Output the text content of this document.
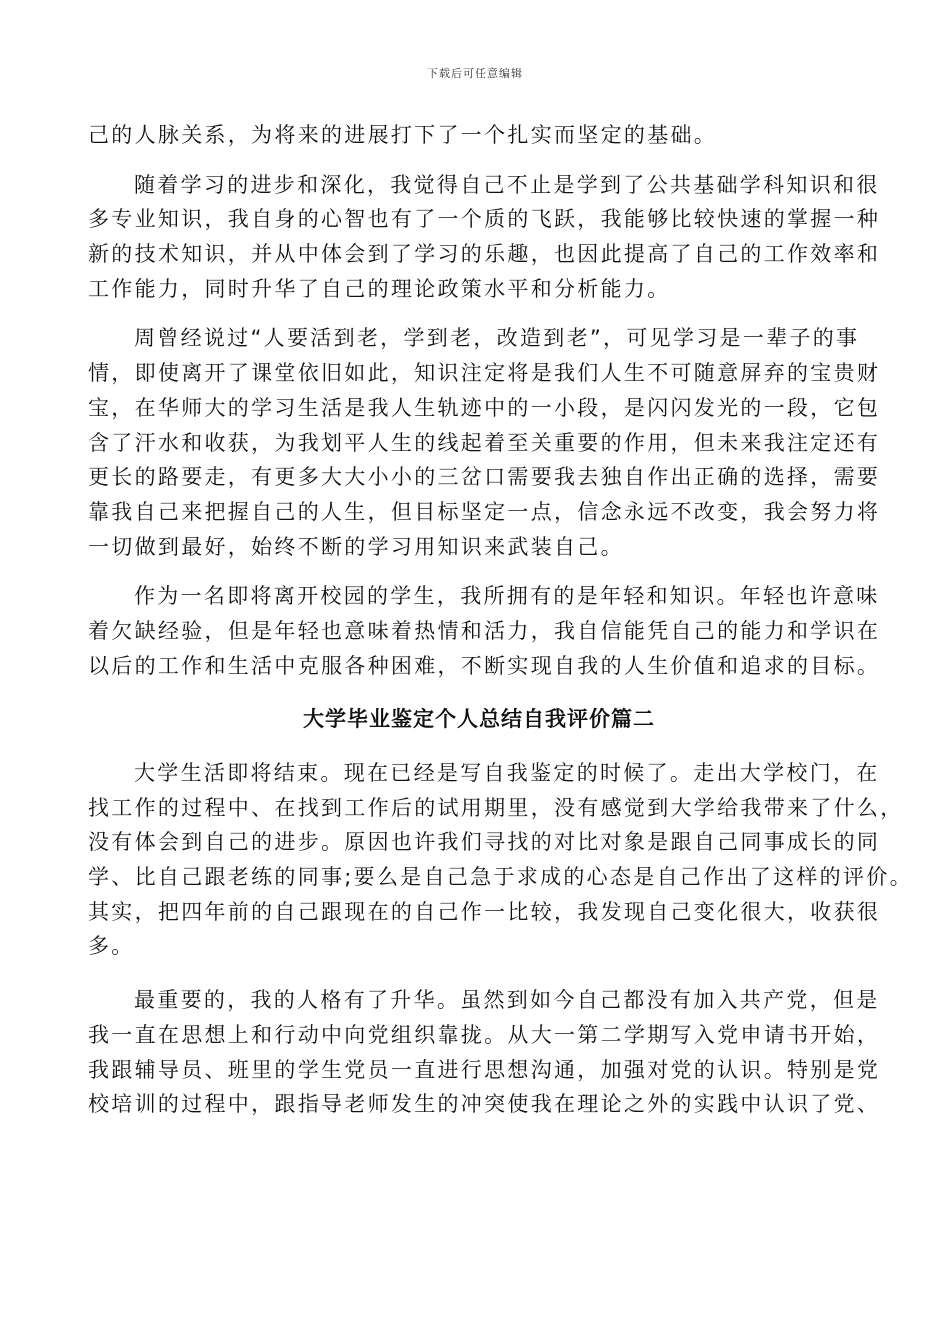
下载后可任意编辑
己的人脉关系，为将来的进展打下了一个扎实而坚定的基础。
随着学习的进步和深化，我觉得自己不止是学到了公共基础学科知识和很
多专业知识，我自身的心智也有了一个质的飞跃，我能够比较快速的掌握一种
新的技术知识，并从中体会到了学习的乐趣，也因此提高了自己的工作效率和
工作能力，同时升华了自己的理论政策水平和分析能力。
周曾经说过“人要活到老，学到老，改造到老”，可见学习是一辈子的事
情，即使离开了课堂依旧如此，知识注定将是我们人生不可随意屏弃的宝贵财
宝，在华师大的学习生活是我人生轨迹中的一小段，是闪闪发光的一段，它包
含了汗水和收获，为我划平人生的线起着至关重要的作用，但未来我注定还有
更长的路要走，有更多大大小小的三岔口需要我去独自作出正确的选择，需要
靠我自己来把握自己的人生，但目标坚定一点，信念永远不改变，我会努力将
一切做到最好，始终不断的学习用知识来武装自己。
作为一名即将离开校园的学生，我所拥有的是年轻和知识。年轻也许意味
着欠缺经验，但是年轻也意味着热情和活力，我自信能凭自己的能力和学识在
以后的工作和生活中克服各种困难，不断实现自我的人生价值和追求的目标。
大学毕业鉴定个人总结自我评价篇二
大学生活即将结束。现在已经是写自我鉴定的时候了。走出大学校门，在
找工作的过程中、在找到工作后的试用期里，没有感觉到大学给我带来了什么，
没有体会到自己的进步。原因也许我们寻找的对比对象是跟自己同事成长的同
学、比自己跟老练的同事;要么是自己急于求成的心态是自己作出了这样的评价。
其实，把四年前的自己跟现在的自己作一比较，我发现自己变化很大，收获很
多。
最重要的，我的人格有了升华。虽然到如今自己都没有加入共产党，但是
我一直在思想上和行动中向党组织靠拢。从大一第二学期写入党申请书开始，
我跟辅导员、班里的学生党员一直进行思想沟通，加强对党的认识。特别是党
校培训的过程中，跟指导老师发生的冲突使我在理论之外的实践中认识了党、
